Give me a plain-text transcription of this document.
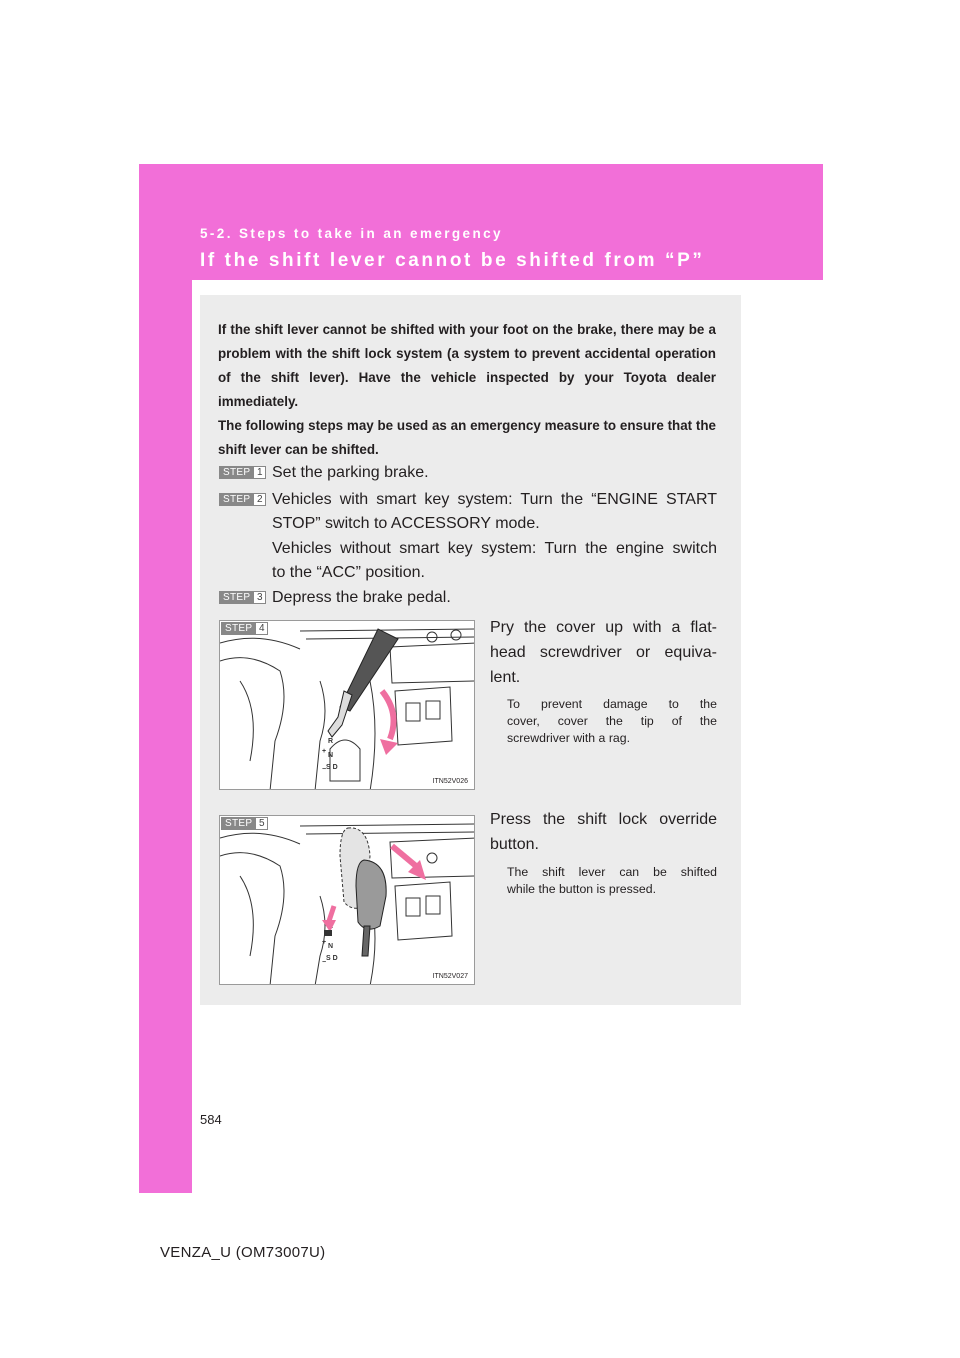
5-2. Steps to take in an emergency
If the shift lever cannot be shifted from “P”

If the shift lever cannot be shifted with your foot on the brake, there may be a problem with the shift lock system (a system to prevent accidental operation of the shift lever). Have the vehicle inspected by your Toyota dealer immediately.

The following steps may be used as an emergency measure to ensure that the shift lever can be shifted.

STEP 1 Set the parking brake.
STEP 2 Vehicles with smart key system: Turn the “ENGINE START
STOP” switch to ACCESSORY mode.
Vehicles without smart key system: Turn the engine switch
to the “ACC” position.
STEP 3 Depress the brake pedal.
R
N
S D
+
−
STEP 4
ITN52V026
Pry the cover up with a flat-
head screwdriver or equiva-
lent.
To prevent damage to the
cover, cover the tip of the
screwdriver with a rag.
N
S D
+
−
STEP 5
ITN52V027
Press the shift lock override
button.
The shift lever can be shifted
while the button is pressed.
584
VENZA_U (OM73007U)
